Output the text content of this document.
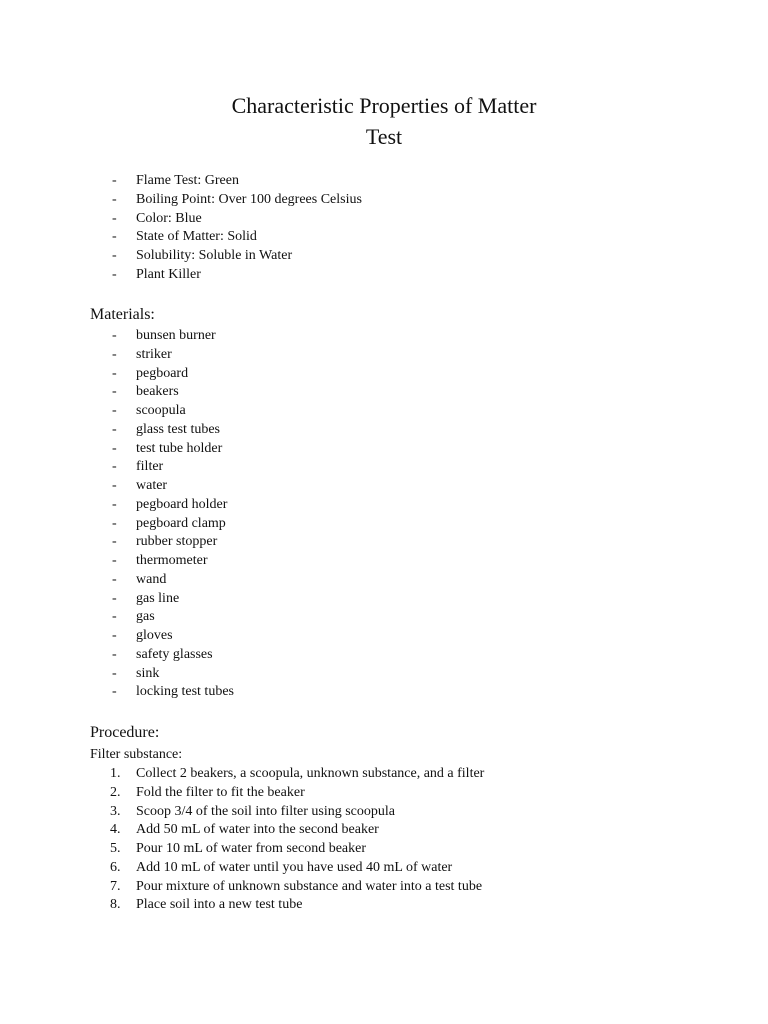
Characteristic Properties of Matter
Test
- Flame Test: Green
- Boiling Point: Over 100 degrees Celsius
- Color: Blue
- State of Matter: Solid
- Solubility: Soluble in Water
- Plant Killer
Materials:
- bunsen burner
- striker
- pegboard
- beakers
- scoopula
- glass test tubes
- test tube holder
- filter
- water
- pegboard holder
- pegboard clamp
- rubber stopper
- thermometer
- wand
- gas line
- gas
- gloves
- safety glasses
- sink
- locking test tubes
Procedure:
Filter substance:
1. Collect 2 beakers, a scoopula, unknown substance, and a filter
2. Fold the filter to fit the beaker
3. Scoop 3/4 of the soil into filter using scoopula
4. Add 50 mL of water into the second beaker
5. Pour 10 mL of water from second beaker
6. Add 10 mL of water until you have used 40 mL of water
7. Pour mixture of unknown substance and water into a test tube
8. Place soil into a new test tube
